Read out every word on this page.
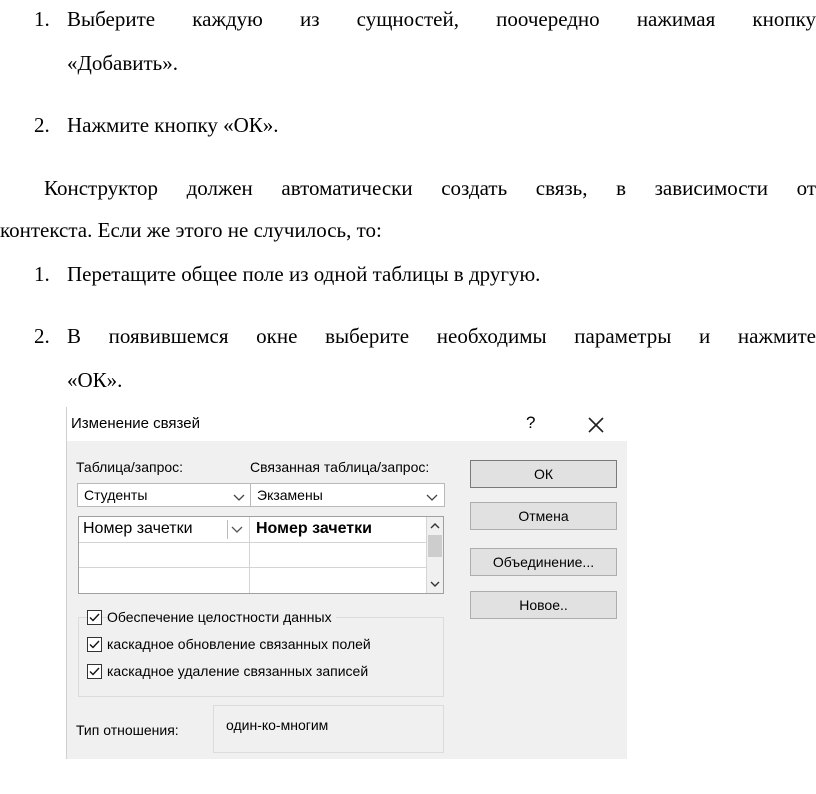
1. Выберите каждую из сущностей, поочередно нажимая кнопку
«Добавить».
2. Нажмите кнопку «ОК».
Конструктор должен автоматически создать связь, в зависимости от
контекста. Если же этого не случилось, то:
1. Перетащите общее поле из одной таблицы в другую.
2. В появившемся окне выберите необходимы параметры и нажмите
«ОК».
Изменение связей	?
Таблица/запрос:	Связанная таблица/запрос:
Студенты	Экзамены
Номер зачетки	Номер зачетки
Обеспечение целостности данных
каскадное обновление связанных полей
каскадное удаление связанных записей
Тип отношения:	один-ко-многим
ОК
Отмена
Объединение...
Новое..
